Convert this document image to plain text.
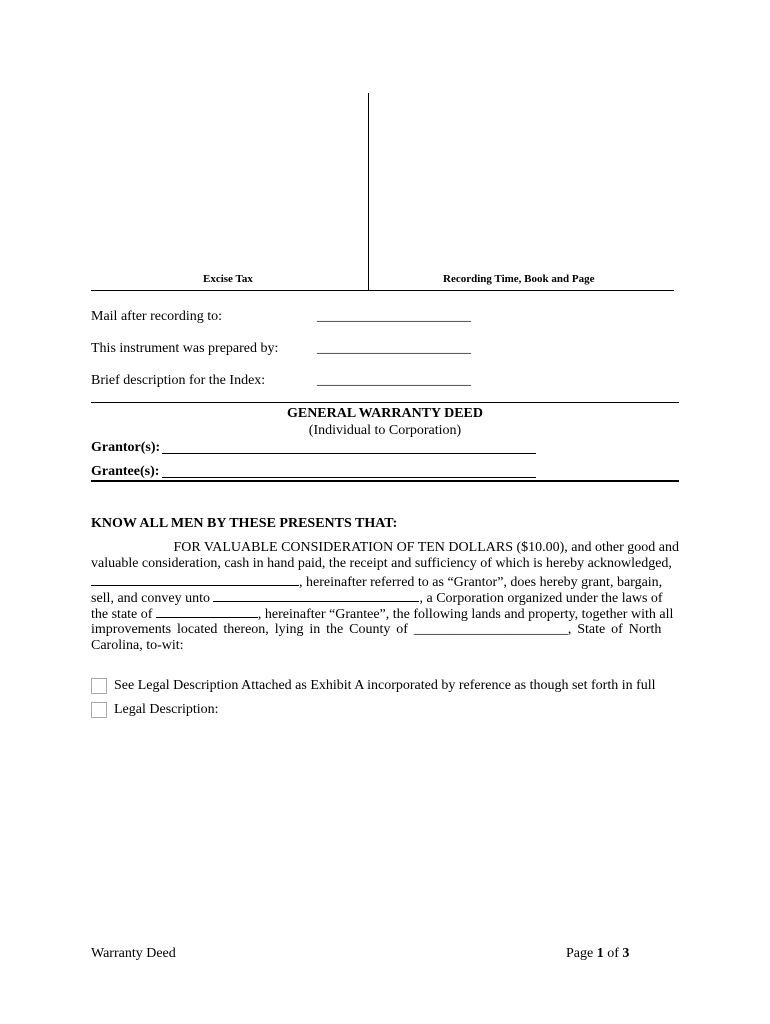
Excise Tax	Recording Time, Book and Page
Mail after recording to:	______________________
This instrument was prepared by:	______________________
Brief description for the Index:	______________________
GENERAL WARRANTY DEED
(Individual to Corporation)
Grantor(s):
Grantee(s):
KNOW ALL MEN BY THESE PRESENTS THAT:
FOR VALUABLE CONSIDERATION OF TEN DOLLARS ($10.00), and other good and
valuable consideration, cash in hand paid, the receipt and sufficiency of which is hereby acknowledged,
, hereinafter referred to as “Grantor”, does hereby grant, bargain,
sell, and convey unto	, a Corporation organized under the laws of
the state of	, hereinafter “Grantee”, the following lands and property, together with all
improvements located thereon, lying in the County of ______________________, State of North
Carolina, to-wit:
See Legal Description Attached as Exhibit A incorporated by reference as though set forth in full
Legal Description:
Warranty Deed	Page 1 of 3
